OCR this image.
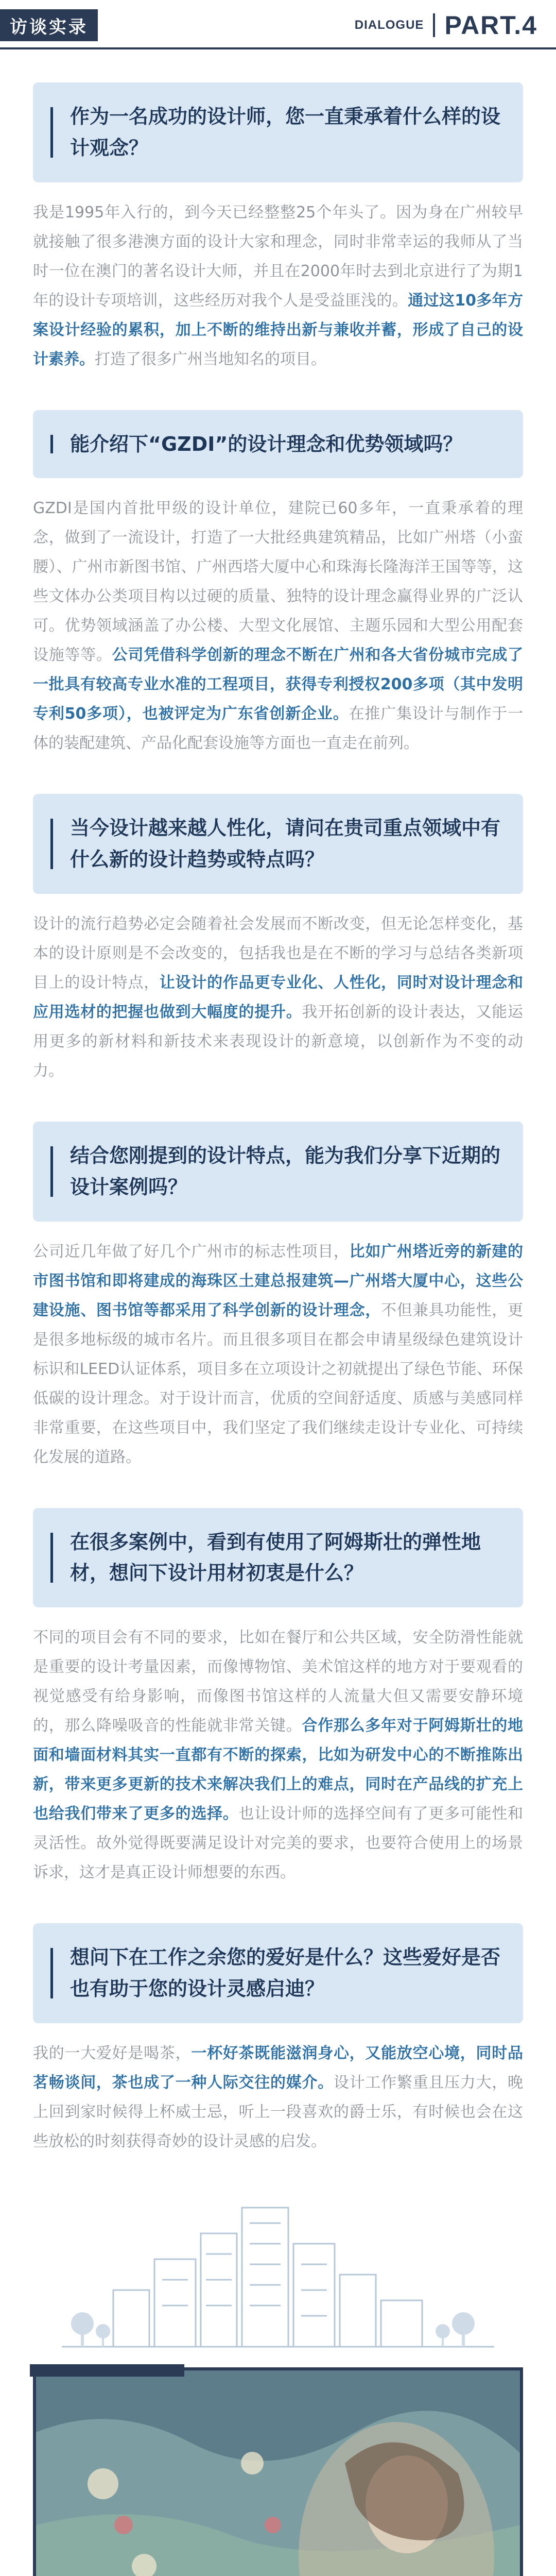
访谈实录	DIALOGUE PART.4
作为一名成功的设计师，您一直秉承着什么样的设计观念？

我是1995年入行的，到今天已经整整25个年头了。因为身在广州较早就接触了很多港澳方面的设计大家和理念，同时非常幸运的我师从了当时一位在澳门的著名设计大师，并且在2000年时去到北京进行了为期1年的设计专项培训，这些经历对我个人是受益匪浅的。通过这10多年方案设计经验的累积，加上不断的维持出新与兼收并蓄，形成了自己的设计素养。打造了很多广州当地知名的项目。

能介绍下“GZDI”的设计理念和优势领域吗？

GZDI是国内首批甲级的设计单位，建院已60多年，一直秉承着的理念，做到了一流设计，打造了一大批经典建筑精品，比如广州塔（小蛮腰）、广州市新图书馆、广州西塔大厦中心和珠海长隆海洋王国等等，这些文体办公类项目构以过硬的质量、独特的设计理念赢得业界的广泛认可。优势领域涵盖了办公楼、大型文化展馆、主题乐园和大型公用配套设施等等。公司凭借科学创新的理念不断在广州和各大省份城市完成了一批具有较高专业水准的工程项目，获得专利授权200多项（其中发明专利50多项），也被评定为广东省创新企业。在推广集设计与制作于一体的装配建筑、产品化配套设施等方面也一直走在前列。

当今设计越来越人性化，请问在贵司重点领域中有什么新的设计趋势或特点吗？

设计的流行趋势必定会随着社会发展而不断改变，但无论怎样变化，基本的设计原则是不会改变的，包括我也是在不断的学习与总结各类新项目上的设计特点，让设计的作品更专业化、人性化，同时对设计理念和应用选材的把握也做到大幅度的提升。我开拓创新的设计表达，又能运用更多的新材料和新技术来表现设计的新意境，以创新作为不变的动力。

结合您刚提到的设计特点，能为我们分享下近期的设计案例吗？

公司近几年做了好几个广州市的标志性项目，比如广州塔近旁的新建的市图书馆和即将建成的海珠区土建总报建筑—广州塔大厦中心，这些公建设施、图书馆等都采用了科学创新的设计理念，不但兼具功能性，更是很多地标级的城市名片。而且很多项目在都会申请星级绿色建筑设计标识和LEED认证体系，项目多在立项设计之初就提出了绿色节能、环保低碳的设计理念。对于设计而言，优质的空间舒适度、质感与美感同样非常重要，在这些项目中，我们坚定了我们继续走设计专业化、可持续化发展的道路。

在很多案例中，看到有使用了阿姆斯壮的弹性地材，想问下设计用材初衷是什么？

不同的项目会有不同的要求，比如在餐厅和公共区域，安全防滑性能就是重要的设计考量因素，而像博物馆、美术馆这样的地方对于要观看的视觉感受有给身影响，而像图书馆这样的人流量大但又需要安静环境的，那么降噪吸音的性能就非常关键。合作那么多年对于阿姆斯壮的地面和墙面材料其实一直都有不断的探索，比如为研发中心的不断推陈出新，带来更多更新的技术来解决我们上的难点，同时在产品线的扩充上也给我们带来了更多的选择。也让设计师的选择空间有了更多可能性和灵活性。故外觉得既要满足设计对完美的要求，也要符合使用上的场景诉求，这才是真正设计师想要的东西。

想问下在工作之余您的爱好是什么？这些爱好是否也有助于您的设计灵感启迪？

我的一大爱好是喝茶，一杯好茶既能滋润身心，又能放空心境，同时品茗畅谈间，茶也成了一种人际交往的媒介。设计工作繁重且压力大，晚上回到家时候得上杯威士忌，听上一段喜欢的爵士乐，有时候也会在这些放松的时刻获得奇妙的设计灵感的启发。
